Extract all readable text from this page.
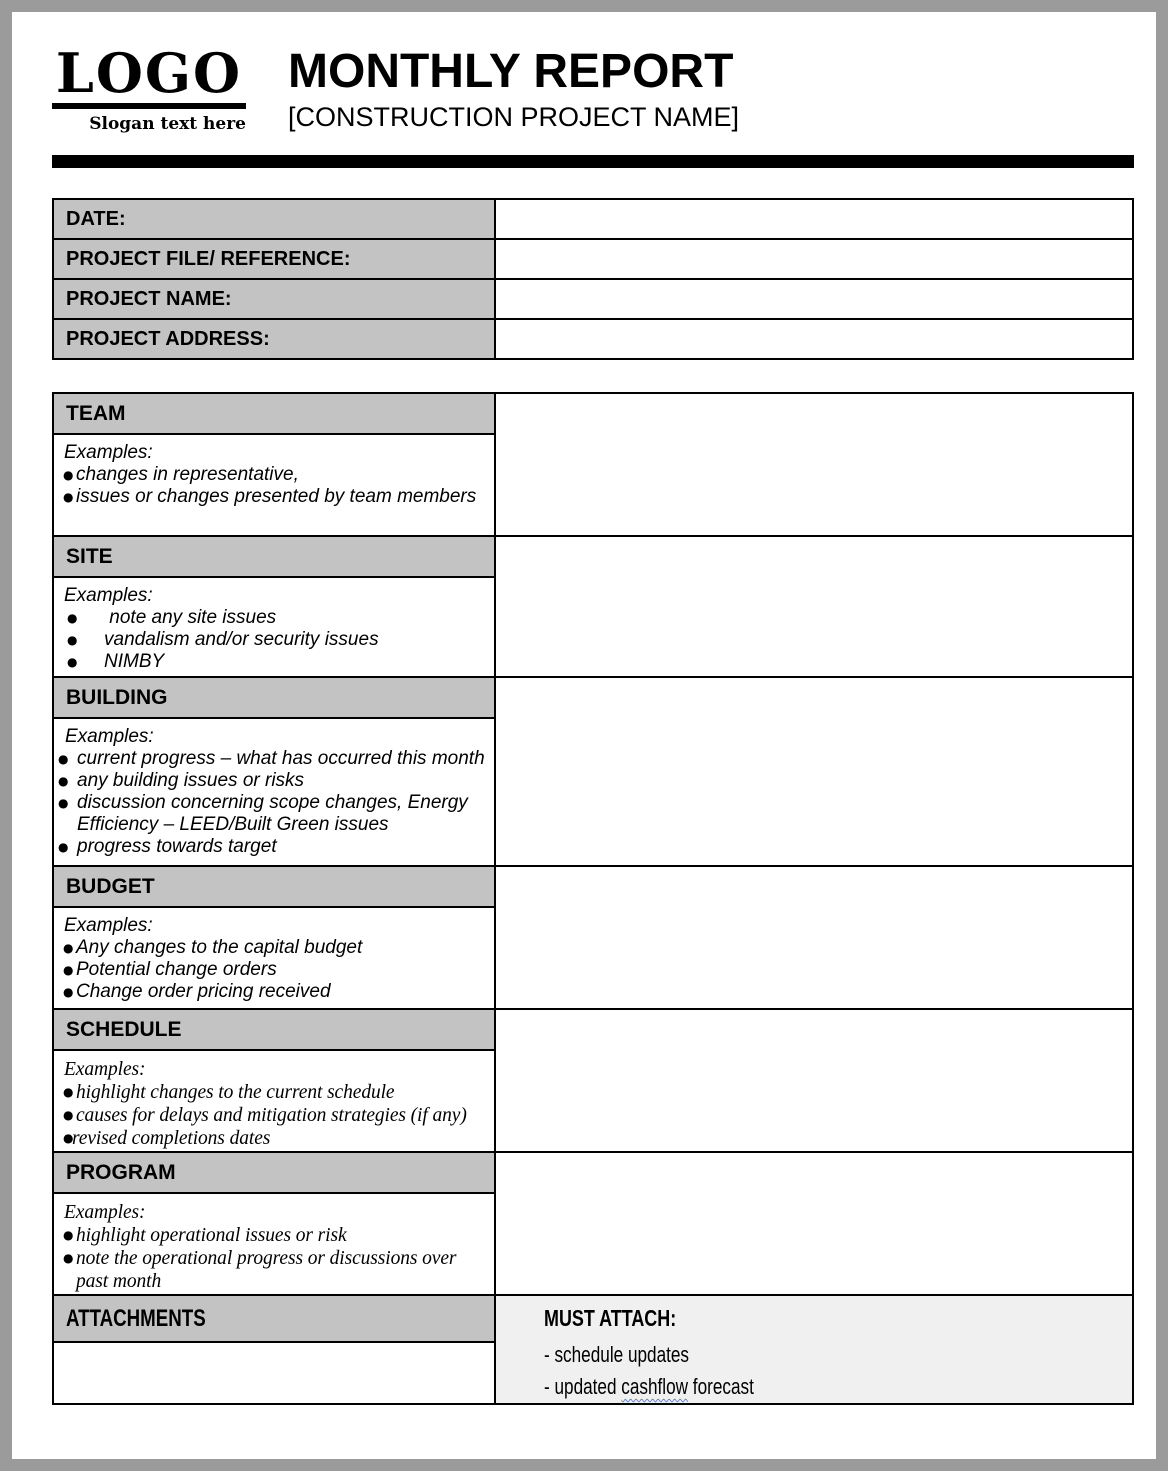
LOGO
Slogan text here
MONTHLY REPORT
[CONSTRUCTION PROJECT NAME]
DATE:	
PROJECT FILE/ REFERENCE:	
PROJECT NAME:	
PROJECT ADDRESS:	
TEAM	

Examples:
● changes in representative,
● issues or changes presented by team members	

SITE	

Examples:
●	note any site issues
●	vandalism and/or security issues
●	NIMBY

BUILDING	

Examples:
● current progress – what has occurred this month
● any building issues or risks
● discussion concerning scope changes, Energy Efficiency – LEED/Built Green issues
● progress towards target

BUDGET	

Examples:
● Any changes to the capital budget
● Potential change orders
● Change order pricing received

SCHEDULE	

Examples:
● highlight changes to the current schedule
● causes for delays and mitigation strategies (if any)
●
revised completions dates

PROGRAM	

Examples:
● highlight operational issues or risk
● note the operational progress or discussions over past month	

ATTACHMENTS	MUST ATTACH:
- schedule updates
- updated cashflow forecast
